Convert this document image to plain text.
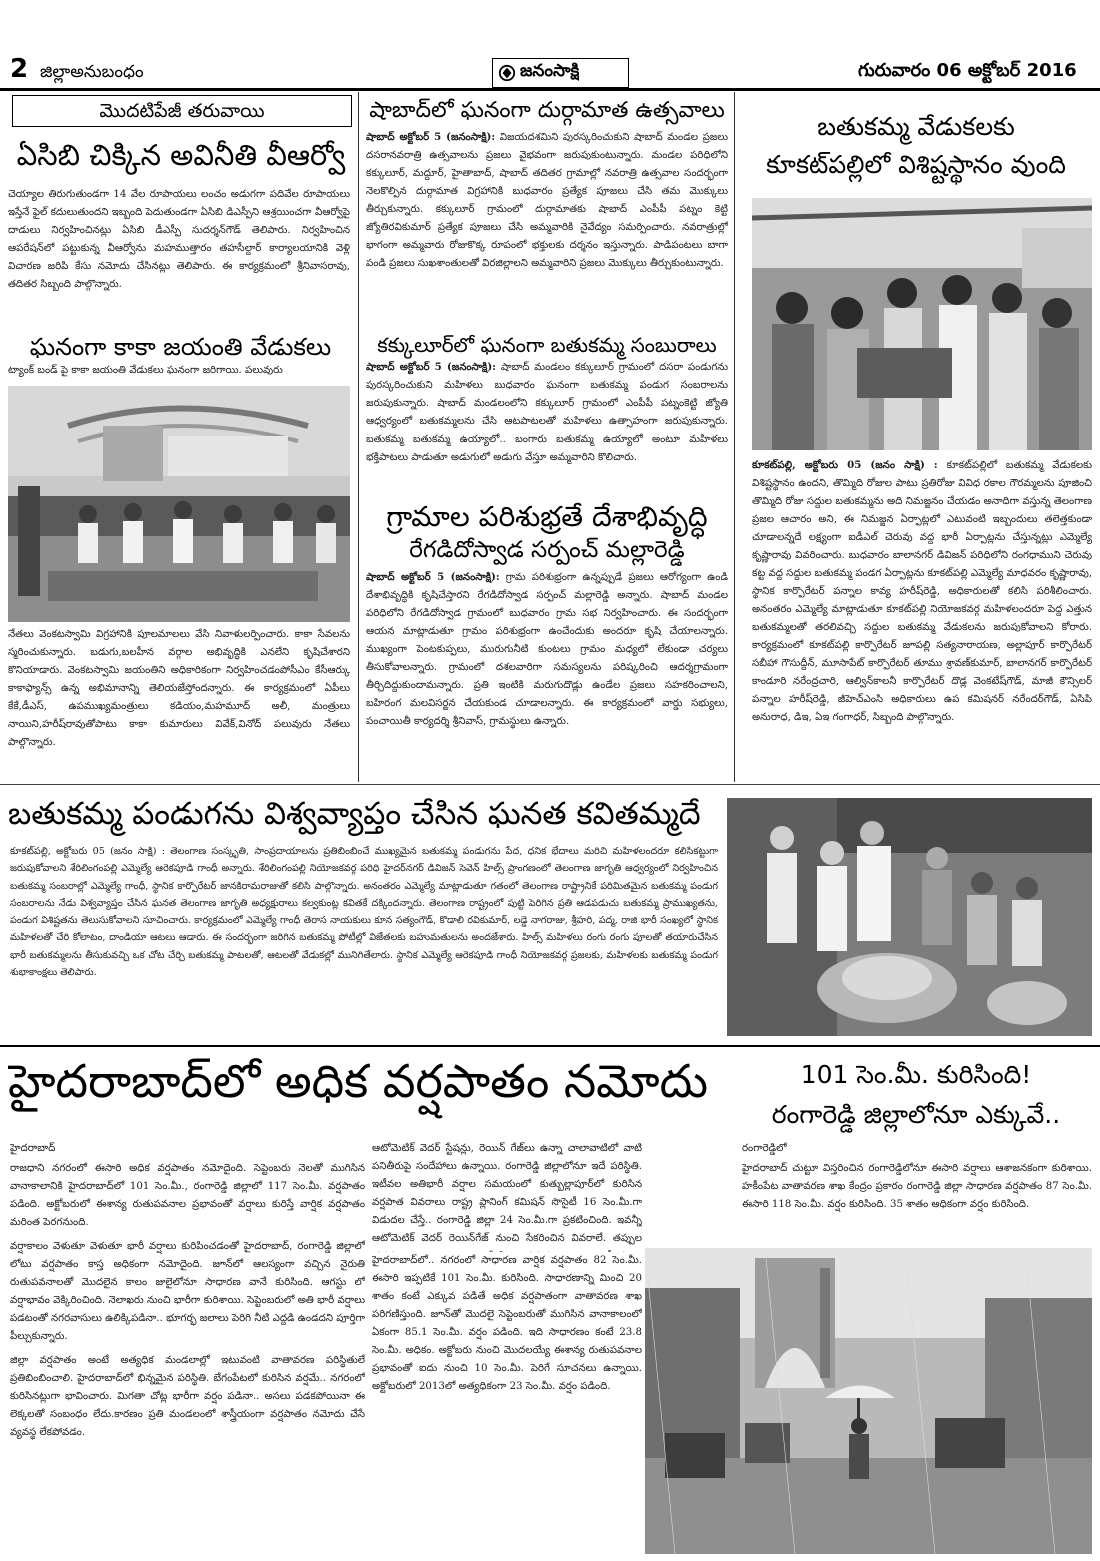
2 జిల్లాఅనుబంధం	జనంసాక్షి	గురువారం 06 అక్టోబర్ 2016
మొదటిపేజీ తరువాయి
ఏసిబి చిక్కిన అవినీతి వీఆర్వో
చెయ్యాల తిరుగుతుండగా 14 వేల రూపాయలు లంచం అడుగగా పదివేల రూపాయలు ఇస్తేనే ఫైల్ కదులుతుందని ఇబ్బంది పెదుతుండగా ఏసిబి డిఎస్పీని ఆశ్రయించగా వీఆర్వోపై దాడులు నిర్వహించినట్లు ఏసిబి డీఎస్పీ సుదర్శన్‌గౌడ్ తెలిపారు. నిర్వహించిన ఆపరేషన్‌లో పట్టుకున్న వీఆర్వోను మహముత్తారం తహసీల్దార్ కార్యాలయానికి వెళ్లి విచారణ జరిపి కేసు నమోదు చేసినట్లు తెలిపారు. ఈ కార్యక్రమంలో శ్రీనివాసరావు, తదితర సిబ్బంది పాల్గొన్నారు.
ఘనంగా కాకా జయంతి వేడుకలు
ట్యాంక్ బండ్ పై కాకా జయంతి వేడుకలు ఘనంగా జరిగాయి. పలువురు
నేతలు వెంకటస్వామి విగ్రహానికి పూలమాలలు వేసి నివాళులర్పించారు. కాకా సేవలను స్మరించుకున్నారు. బడుగు,బలహీన వర్గాల అభివృద్ధికి ఎనలేని కృషిచేశారని కొనియాడారు. వెంకటస్వామి జయంతిని అధికారికంగా నిర్వహించడంపోసీఎం కేసీఆర్కు కాకాఫ్యాన్స్ ఉన్న అభిమానాన్ని తెలియజేస్తోందన్నారు. ఈ కార్యక్రమంలో ఏపీలు కేకే,డీఎస్, ఉపముఖ్యమంత్రులు కడియం,మహమూద్ అలీ, మంత్రులు నాయిని,హరీష్‌రావుతోపాటు కాకా కుమారులు వివేక్,వినోద్ పలువురు నేతలు పాల్గొన్నారు.
షాబాద్‌లో ఘనంగా దుర్గామాత ఉత్సవాలు
షాబాద్ అక్టోబర్ 5 (జనంసాక్షి): విజయదశమిని పురస్కరించుకుని షాబాద్ మండల ప్రజలు దసరానవరాత్రి ఉత్సవాలను ప్రజలు వైభవంగా జరుపుకుంటున్నారు. మండల పరిధిలోని కక్కులూర్, మద్దూర్, హైతాబాద్, షాబాద్ తదితర గ్రామాల్లో నవరాత్రి ఉత్సవాల సందర్భంగా నెలకొల్పిన దుర్గామాత విగ్రహానికి బుధవారం ప్రత్యేక పూజలు చేసి తమ మొక్కులు తీర్చుకున్నారు. కక్కులూర్ గ్రామంలో దుర్గామాతకు షాబాద్ ఎంపీపీ పట్నం కెట్టి జ్యోతిరవికుమార్ ప్రత్యేక పూజలు చేసి అమ్మవారికి నైవేద్యం సమర్పించారు. నవరాత్రుల్లో భాగంగా అమ్మవారు రోజుకొక్క రూపంలో భక్తులకు దర్శనం ఇస్తున్నారు. పాడిపంటలు బాగా పండి ప్రజలు సుఖశాంతులతో విరజిల్లాలని అమ్మవారిని ప్రజలు మొక్కులు తీర్చుకుంటున్నారు.
కక్కులూర్‌లో ఘనంగా బతుకమ్మ సంబురాలు
షాబాద్ అక్టోబర్ 5 (జనంసాక్షి): షాబాద్ మండలం కక్కులూర్ గ్రామంలో దసరా పండుగను పురస్కరించుకుని మహిళలు బుధవారం ఘనంగా బతుకమ్మ పండుగ సంబరాలను జరుపుకున్నారు. షాబాద్ మండలంలోని కక్కులూర్ గ్రామంలో ఎంపీపీ పట్నంకెట్టి జ్యోతి ఆధ్వర్యంలో బతుకమ్మలను చేసి ఆటపాటలతో మహిళలు ఉత్సాహంగా జరుపుకున్నారు. బతుకమ్మ బతుకమ్మ ఉయ్యాలో.. బంగారు బతుకమ్మ ఉయ్యాలో అంటూ మహిళలు భక్తిపాటలు పాడుతూ అడుగులో అడుగు వేస్తూ అమ్మవారిని కొలిచారు.
గ్రామాల పరిశుభ్రతే దేశాభివృద్ధి
రేగడిదోస్వాడ సర్పంచ్ మల్లారెడ్డి
షాబాద్ అక్టోబర్ 5 (జనంసాక్షి): గ్రామ పరిశుభ్రంగా ఉన్నప్పుడే ప్రజలు ఆరోగ్యంగా ఉండి దేశాభివృద్ధికి కృషిచేస్తారని రేగడిదోస్వాడ సర్పంచ్ మల్లారెడ్డి అన్నారు. షాబాద్ మండల పరిధిలోని రేగడిదోస్వాడ గ్రామంలో బుధవారం గ్రామ సభ నిర్వహించారు. ఈ సందర్భంగా ఆయన మాట్లాడుతూ గ్రామం పరిశుభ్రంగా ఉంచేందుకు అందరూ కృషి చేయాలన్నారు. ముఖ్యంగా పెంటకుప్పలు, మురుగునీటి కుంటలు గ్రామం మధ్యలో లేకుండా చర్యలు తీసుకోవాలన్నారు. గ్రామంలో దశలవారిగా సమస్యలను పరిష్కరించి ఆదర్శగ్రామంగా తీర్చిదిద్దుకుందామన్నారు. ప్రతి ఇంటికి మరుగుదొడ్లు ఉండేల ప్రజలు సహకరించాలని, బహిరంగ మలవిసర్జన చేయకుండ చూడాలన్నారు. ఈ కార్యక్రమంలో వార్డు సభ్యులు, పంచాయితీ కార్యదర్శి శ్రీనివాస్, గ్రామస్థులు ఉన్నారు.
బతుకమ్మ వేడుకలకు
కూకట్‌పల్లిలో విశిష్టస్థానం వుంది
కూకట్‌పల్లి, అక్టోబరు 05 (జనం సాక్షి) : కూకట్‌పల్లిలో బతుకమ్మ వేడుకలకు విశిష్టస్థానం ఉందని, తొమ్మిది రోజుల పాటు ప్రతిరోజు వివిధ రకాల గౌరమ్మలను పూజించి తొమ్మిది రోజు సద్దుల బతుకమ్మను అది నిమజ్జనం చేయడం అనాదిగా వస్తున్న తెలంగాణ ప్రజల ఆచారం అని, ఈ నిమజ్జన ఏర్పాట్లలో ఎటువంటి ఇబ్బందులు తలెత్తకుండా చూడాలన్నదే లక్ష్యంగా ఐడీఎల్ చెరువు వద్ద భారీ ఏర్పాట్లను చేస్తున్నట్లు ఎమ్మెల్యే కృష్ణారావు వివరించారు. బుధవారం బాలానగర్ డివిజన్ పరిధిలోని రంగధాముని చెరువు కట్ట వద్ద సద్దుల బతుకమ్మ పండగ ఏర్పాట్లను కూకట్‌పల్లి ఎమ్మెల్యే మాధవరం కృష్ణారావు, స్థానిక కార్పొరేటర్ పన్నాల కావ్య హరీష్‌రెడ్డి, అధికారులతో కలిసి పరిశీలించారు. అనంతరం ఎమ్మెల్యే మాట్లాడుతూ కూకట్‌పల్లి నియోజకవర్గ మహిళలందరూ పెద్ద ఎత్తున బతుకమ్మలతో తరలివచ్చి సద్దుల బతుకమ్మ వేడుకలను జరుపుకోవాలని కోరారు. కార్యక్రమంలో కూకట్‌పల్లి కార్పొరేటర్ జూపల్లి సత్యనారాయణ, అల్లాపూర్ కార్పొరేటర్ సబీహా గౌసుద్దీన్, మూసాపేట్ కార్పొరేటర్ తూము శ్రావణ్‌కుమార్, బాలానగర్ కార్పొరేటర్ కాండూరి నరేంద్రచారి, ఆల్విన్‌కాలనీ కార్పొరేటర్ దొడ్ల వెంకటేష్‌గౌడ్, మాజీ కౌన్సిలర్ పన్నాల హరీష్‌రెడ్డి, జీహెచ్ఎంసి అధికారులు ఉప కమిషనర్ నరేందర్‌గౌడ్, ఏసిపి అనురాధ, డిఇ, ఏఇ గంగాధర్, సిబ్బంది పాల్గొన్నారు.
బతుకమ్మ పండుగను విశ్వవ్యాప్తం చేసిన ఘనత కవితమ్మదే
కూకట్‌పల్లి, అక్టోబరు 05 (జనం సాక్షి) : తెలంగాణ సంస్కృతి, సాంప్రదాయాలను ప్రతిబింబించే ముఖ్యమైన బతుకమ్మ పండుగను పేద, ధనిక భేదాలు మరిచి మహిళలందరూ కలిసికట్టుగా జరుపుకోవాలని శేరిలింగంపల్లి ఎమ్మెల్యే ఆరెకపూడి గాంధీ అన్నారు. శేరిలింగంపల్లి నియోజకవర్గ పరిధి హైదర్‌నగర్ డివిజన్ సెవెన్ హిల్స్ ప్రాంగణంలో తెలంగాణ జాగృతి ఆధ్వర్యంలో నిర్వహించిన బతుకమ్మ సంబరాల్లో ఎమ్మెల్యే గాంధీ, స్థానిక కార్పొరేటర్ జానకిరామరాజుతో కలిసి పాల్గొన్నారు. అనంతరం ఎమ్మెల్యే మాట్లాడుతూ గతంలో తెలంగాణ రాష్ట్రానికే పరిమితమైన బతుకమ్మ పండుగ సంబరాలను నేడు విశ్వవ్యాప్తం చేసిన ఘనత తెలంగాణ జాగృతి అధ్యక్షురాలు కల్వకుంట్ల కవితకే దక్కిందన్నారు. తెలంగాణ రాష్ట్రంలో పుట్టి పెరిగిన ప్రతి ఆడపడుచు బతుకమ్మ ప్రాముఖ్యతను, పండుగ విశిష్టతను తెలుసుకోవాలని సూచించారు. కార్యక్రమంలో ఎమ్మెల్యే గాంధీ తెరాస నాయకులు కూన సత్యంగౌడ్, కొడాలి రవికుమార్, లడ్డె నాగరాజు, శ్రీహరి, పద్మ, రాజి భారీ సంఖ్యలో స్థానిక మహిళలతో చేరి కోలాటం, దాండియా ఆటలు ఆడారు. ఈ సందర్భంగా జరిగిన బతుకమ్మ పోటీల్లో విజేతలకు బహుమతులను అందజేశారు. హిల్స్ మహిళలు రంగు రంగు పూలతో తయారుచేసిన భారీ బతుకమ్మలను తీసుకువచ్చి ఒక చోట చేర్చి బతుకమ్మ పాటలతో, ఆటలతో వేడుకల్లో మునిగితేలారు. స్థానిక ఎమ్మెల్యే ఆరెకపూడి గాంధీ నియోజకవర్గ ప్రజలకు, మహిళలకు బతుకమ్మ పండుగ శుభాకాంక్షలు తెలిపారు.
హైదరాబాద్‌లో అధిక వర్షపాతం నమోదు	101 సెం.మీ. కురిసింది!
రంగారెడ్డి జిల్లాలోనూ ఎక్కువే..

హైదరాబాద్

రాజధాని నగరంలో ఈసారి అధిక వర్షపాతం నమోదైంది. సెప్టెంబరు నెలతో ముగిసిన వానాకాలానికి హైదరాబాద్‌లో 101 సెం.మీ., రంగారెడ్డి జిల్లాలో 117 సెం.మీ. వర్షపాతం పడింది. అక్టోబరులో ఈశాన్య రుతుపవనాల ప్రభావంతో వర్షాలు కురిస్తే వార్షిక వర్షపాతం మరింత పెరగనుంది.

వర్షాకాలం వెళుతూ వెళుతూ భారీ వర్షాలు కురిపించడంతో హైదరాబాద్, రంగారెడ్డి జిల్లాలో లోటు వర్షపాతం కాస్త అధికంగా నమోదైంది. జూన్‌లో ఆలస్యంగా వచ్చిన నైరుతి రుతుపవనాలతో మొదలైన కాలం జులైలోనూ సాధారణ వానే కురిసింది. ఆగస్టు లో వర్షాభావం వెక్కిరించింది. నెలాఖరు నుంచి భారీగా కురిశాయి. సెప్టెంబరులో అతి భారీ వర్షాలు పడటంతో నగరవాసులు ఉలిక్కిపడినా.. భూగర్భ జలాలు పెరిగి నీటి ఎద్దడి ఉండదని పూర్తిగా పీల్చుకున్నారు.

జిల్లా వర్షపాతం అంటే అత్యధిక మండలాల్లో ఇటువంటి వాతావరణ పరిస్థితులే ప్రతిబింబించాలి. హైదరాబాద్‌లో భిన్నమైన పరిస్థితి. బేగంపేటలో కురిసిన వర్షమే.. నగరంలో కురిసినట్లుగా భావించారు. మిగతా చోట్ల భారీగా వర్షం పడినా.. అసలు పడకపోయినా ఈ లెక్కలతో సంబంధం లేదు.కారణం ప్రతి మండలంలో శాస్త్రీయంగా వర్షపాతం నమోదు చేసే వ్యవస్థ లేకపోవడం.

ఆటోమెటిక్ వెదర్ స్టేషన్లు, రెయిన్ గేజ్‌లు ఉన్నా చాలావాటిలో వాటి పనితీరుపై సందేహాలు ఉన్నాయి. రంగారెడ్డి జిల్లాలోనూ ఇదే పరిస్థితి. ఇటీవల అతిభారీ వర్షాల సమయంలో కుత్బుల్లాపూర్‌లో కురిసిన వర్షపాత వివరాలు రాష్ట్ర ప్లానింగ్ కమిషన్ సొసైటీ 16 సెం.మీ.గా విడుదల చేస్తే.. రంగారెడ్డి జిల్లా 24 సెం.మీ.గా ప్రకటించింది. ఇవన్నీ ఆటోమెటిక్ వెదర్ రెయిన్‌గేజ్ నుంచి సేకరించిన వివరాలే. తప్పుల
హైదరాబాద్‌లో.. నగరంలో సాధారణ వార్షిక వర్షపాతం 82 సెం.మీ. ఈసారి ఇప్పటికే 101 సెం.మీ. కురిసింది. సాధారణాన్ని మించి 20 శాతం కంటే ఎక్కువ పడితే అధిక వర్షపాతంగా వాతావరణ శాఖ పరిగణిస్తుంది. జూన్‌తో మొదలై సెప్టెంబరుతో ముగిసిన వానాకాలంలో ఏకంగా 85.1 సెం.మీ. వర్షం పడింది. ఇది సాధారణం కంటే 23.8 సెం.మీ. అధికం. అక్టోబరు నుంచి మొదలయ్యే ఈశాన్య రుతుపవనాల ప్రభావంతో ఐదు నుంచి 10 సెం.మీ. పెరిగే సూచనలు ఉన్నాయి. అక్టోబరులో 2013లో అత్యధికంగా 23 సెం.మీ. వర్షం పడింది.

రంగారెడ్డిలో

హైదరాబాద్ చుట్టూ విస్తరించిన రంగారెడ్డిలోనూ ఈసారి వర్షాలు ఆశాజనకంగా కురిశాయి. హకీంపేట వాతావరణ శాఖ కేంద్రం ప్రకారం రంగారెడ్డి జిల్లా సాధారణ వర్షపాతం 87 సెం.మీ. ఈసారి 118 సెం.మీ. వర్షం కురిసింది. 35 శాతం అధికంగా వర్షం కురిసింది.
